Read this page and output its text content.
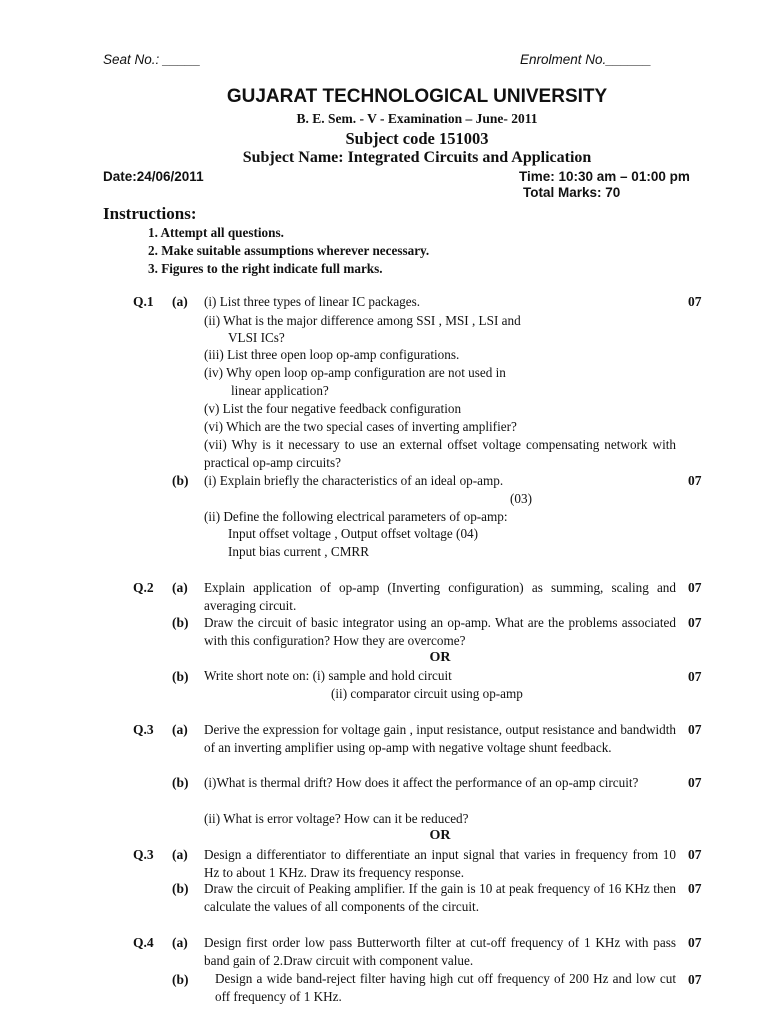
Seat No.: _____	Enrolment No.______
GUJARAT TECHNOLOGICAL UNIVERSITY
B. E. Sem. - V - Examination – June- 2011
Subject code 151003
Subject Name: Integrated Circuits and Application
Date:24/06/2011	Time: 10:30 am – 01:00 pm
Total Marks: 70
Instructions:
1. Attempt all questions.
2. Make suitable assumptions wherever necessary.
3. Figures to the right indicate full marks.
Q.1 (a)	07
(i) List three types of linear IC packages.
(ii) What is the major difference among SSI , MSI , LSI and
VLSI ICs?
(iii) List three open loop op-amp configurations.
(iv) Why open loop op-amp configuration are not used in
linear application?
(v) List the four negative feedback configuration
(vi) Which are the two special cases of inverting amplifier?
(vii) Why is it necessary to use an external offset voltage compensating network with practical op-amp circuits?
(b)	07
(i) Explain briefly the characteristics of an ideal op-amp.
(03)
(ii) Define the following electrical parameters of op-amp:
Input offset voltage , Output offset voltage (04)
Input bias current , CMRR
Q.2 (a)	07
Explain application of op-amp (Inverting configuration) as summing, scaling and averaging circuit.
(b)	07
Draw the circuit of basic integrator using an op-amp. What are the problems associated with this configuration? How they are overcome?
OR
(b)	07
Write short note on: (i) sample and hold circuit
(ii) comparator circuit using op-amp
Q.3 (a)	07
Derive the expression for voltage gain , input resistance, output resistance and bandwidth of an inverting amplifier using op-amp with negative voltage shunt feedback.
(b)	07
(i)What is thermal drift? How does it affect the performance of an op-amp circuit?
(ii) What is error voltage? How can it be reduced?
OR
Q.3 (a)	07
Design a differentiator to differentiate an input signal that varies in frequency from 10 Hz to about 1 KHz. Draw its frequency response.
(b)	07
Draw the circuit of Peaking amplifier. If the gain is 10 at peak frequency of 16 KHz then calculate the values of all components of the circuit.
Q.4 (a)	07
Design first order low pass Butterworth filter at cut-off frequency of 1 KHz with pass band gain of 2.Draw circuit with component value.
(b)	07
Design a wide band-reject filter having high cut off frequency of 200 Hz and low cut off frequency of 1 KHz.
